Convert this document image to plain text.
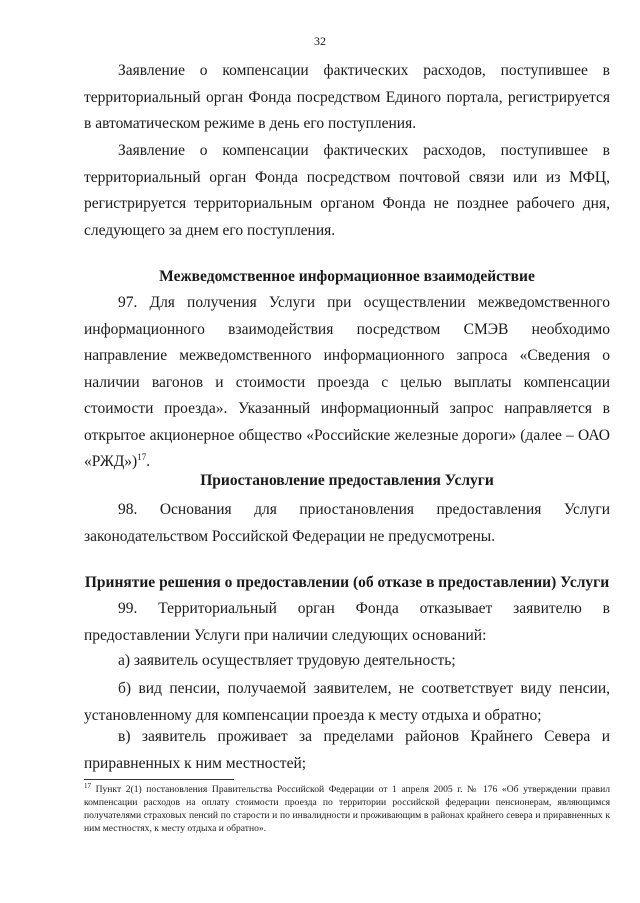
32

Заявление о компенсации фактических расходов, поступившее в территориальный орган Фонда посредством Единого портала, регистрируется в автоматическом режиме в день его поступления.

Заявление о компенсации фактических расходов, поступившее в территориальный орган Фонда посредством почтовой связи или из МФЦ, регистрируется территориальным органом Фонда не позднее рабочего дня, следующего за днем его поступления.

Межведомственное информационное взаимодействие

97. Для получения Услуги при осуществлении межведомственного информационного взаимодействия посредством СМЭВ необходимо направление межведомственного информационного запроса «Сведения о наличии вагонов и стоимости проезда с целью выплаты компенсации стоимости проезда». Указанный информационный запрос направляется в открытое акционерное общество «Российские железные дороги» (далее – ОАО «РЖД»)$^{17}$.

Приостановление предоставления Услуги

98. Основания для приостановления предоставления Услуги законодательством Российской Федерации не предусмотрены.

Принятие решения о предоставлении (об отказе в предоставлении) Услуги

99. Территориальный орган Фонда отказывает заявителю в предоставлении Услуги при наличии следующих оснований:

а) заявитель осуществляет трудовую деятельность;

б) вид пенсии, получаемой заявителем, не соответствует виду пенсии, установленному для компенсации проезда к месту отдыха и обратно;

в) заявитель проживает за пределами районов Крайнего Севера и приравненных к ним местностей;

$^{17}$ Пункт 2(1) постановления Правительства Российской Федерации от 1 апреля 2005 г. № 176 «Об утверждении правил компенсации расходов на оплату стоимости проезда по территории российской федерации пенсионерам, являющимся получателями страховых пенсий по старости и по инвалидности и проживающим в районах крайнего севера и приравненных к ним местностях, к месту отдыха и обратно».
